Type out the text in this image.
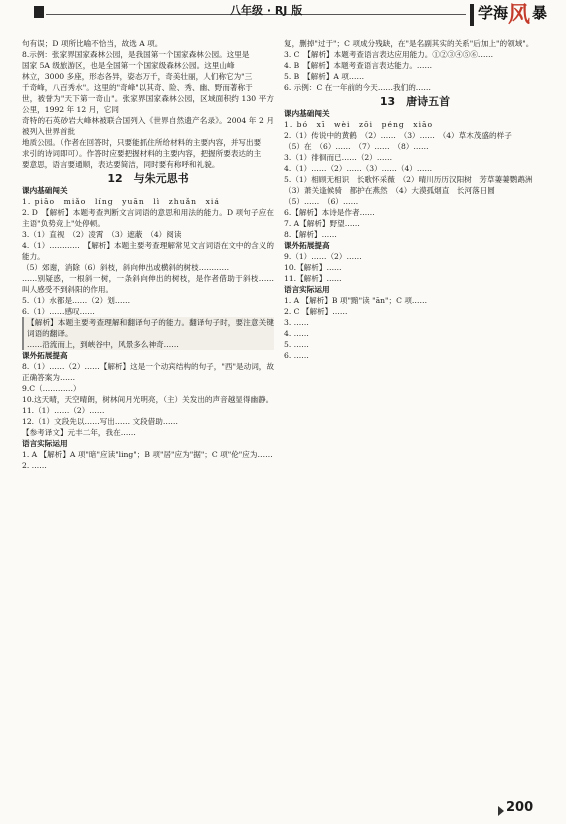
八年级 · RJ 版	学海 风 暴

句有误；D 项所比喻不恰当，故选 A 项。

8.示例：张家界国家森林公园，是我国第一个国家森林公园。这里是

国家 5A 级旅游区，也是全国第一个国家级森林公园。这里山峰

林立，3000 多座，形态各异，姿态万千，奇美壮丽，人们称它为"三

千奇峰，八百秀水"。这里的"奇峰"以其奇、险、秀、幽、野而著称于

世，被誉为"天下第一奇山"。张家界国家森林公园，区域面积约 130 平方公里，1992 年 12 月，它同

奇特的石英砂岩大峰林被联合国列入《世界自然遗产名录》。2004 年 2 月被列入世界首批

地质公园。（作者在回答时，只要能抓住所给材料的主要内容，并写出要

求引的诗词即可）。作答时应要把握材料的主要内容，把握所要表达的主

要意思，语言要通顺，表达要简洁，同时要有称呼和礼貌。

12　与朱元思书
课内基础闯关

1. piāo　miǎo　líng　yuān　lì　zhuǎn　xiá

2. D　【解析】本题考查判断文言词语的意思和用法的能力。D 项句子应在主语"负势竞上"处停顿。

3.（1）直视　（2）凌霄　（3）遮蔽　（4）阅读

4.（1）…………　【解析】本题主要考查理解常见文言词语在文中的含义的能力。

（5）郊谢，消除（6）斜枝，斜向伸出或横斜的树枝…………

……别疑惑，一根斜一树，一条斜向伸出的树枝，是作者借助于斜枝…… 叫人感受不到斜阳的作用。

5.（1）水都是……（2）划……

6.（1）……感叹……

【解析】本题主要考查理解和翻译句子的能力。翻译句子时，要注意关键词语的翻译。

……沿流而上，到峡谷中，风景多么神奇……

课外拓展提高

8.（1）……（2）……【解析】这是一个动宾结构的句子，"西"是动词，故正确答案为……

9.C（…………）

10.这天晴，天空晴朗，树林间月光明亮，（主）关发出的声音越显得幽静。

11.（1）……（2）……

12.（1）文段先以……写出…… 文段借助……

【参考译文】元丰二年，我在……

语言实际运用

1. A 【解析】A 项"暗"应读"ling"；B 项"居"应为"据"；C 项"伦"应为……

2. ……

复，删掉"过于"；C 项成分残缺，在"是名副其实的关系"后加上"的领域"。

3. C　【解析】本题考查语言表达应用能力。①②③④⑤⑥……

4. B　【解析】本题考查语言表达能力。……

5. B　【解析】A 项……

6. 示例：C 在一年前的今天……我们的……

13　唐诗五首
课内基础闯关

1. bó　xī　wèi　zōi　péng　xiāo

2.（1）传说中的黄鹤　（2）……　（3）……　（4）草木茂盛的样子

（5）在　（6）……　（7）……　（8）……

3.（1）徘徊而已……（2）……

4.（1）……（2）……（3）……（4）……

5.（1）相顾无相识　长歌怀采薇　（2）晴川历历汉阳树　芳草萋萋鹦鹉洲

（3）萧关逢候骑　都护在燕然　（4）大漠孤烟直　长河落日圆

（5）……　（6）……

6.【解析】本诗是作者……

7. A【解析】野望……

8.【解析】……

课外拓展提高

9.（1）……（2）……

10.【解析】……

11.【解析】……

语言实际运用

1. A 【解析】B 项"黯"读 "ān"；C 项……

2. C 【解析】……

3. ……

4. ……

5. ……

6. ……

200
